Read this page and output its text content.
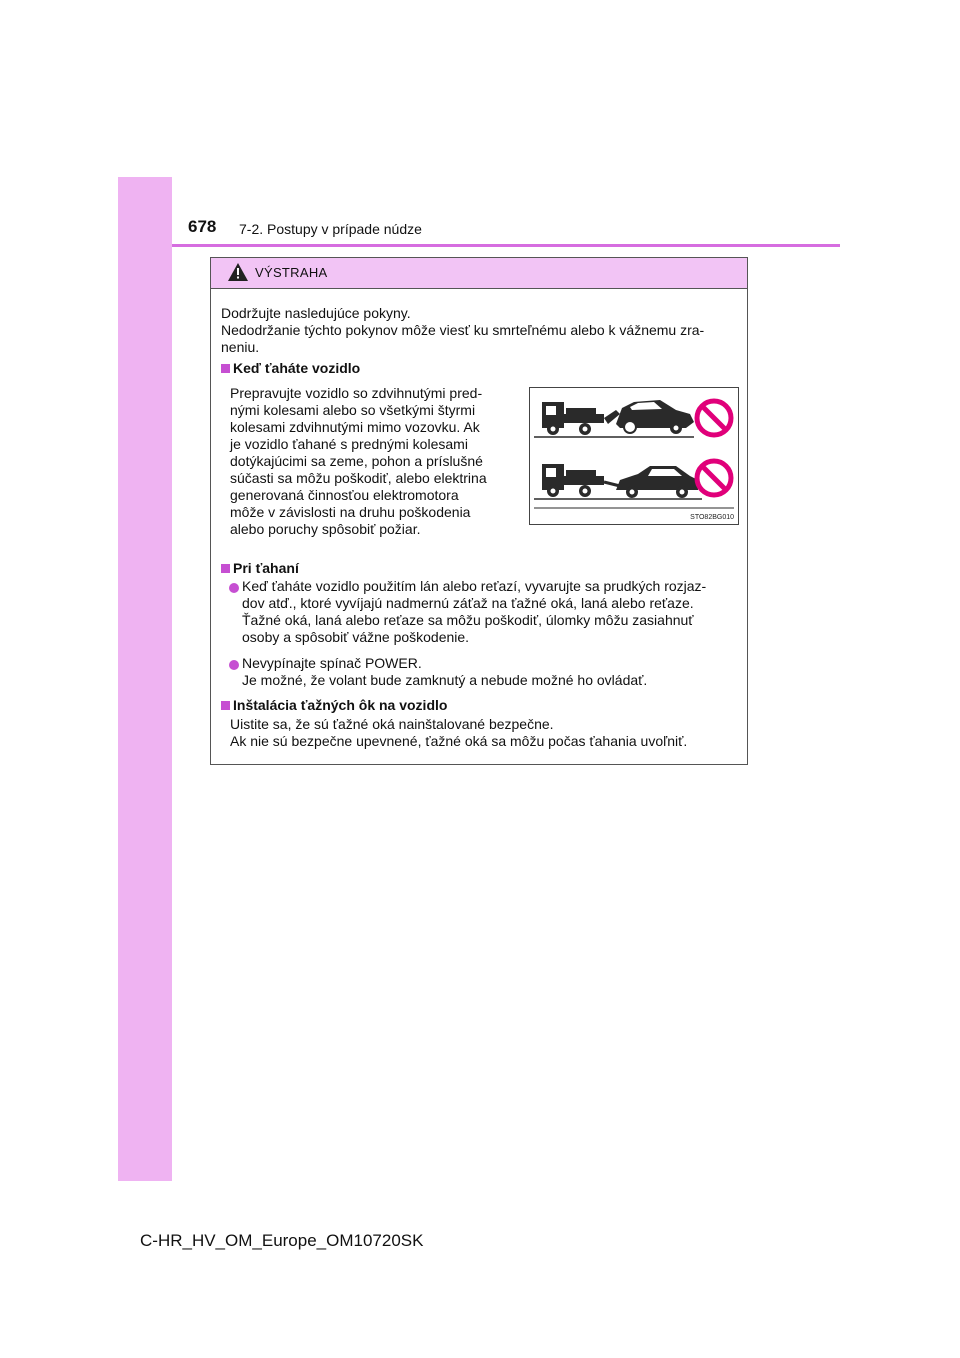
678 7-2. Postupy v prípade núdze
VÝSTRAHA
Dodržujte nasledujúce pokyny.
Nedodržanie týchto pokynov môže viesť ku smrteľnému alebo k vážnemu zra-
neniu.
Keď ťaháte vozidlo
Prepravujte vozidlo so zdvihnutými pred-
nými kolesami alebo so všetkými štyrmi
kolesami zdvihnutými mimo vozovku. Ak
je vozidlo ťahané s prednými kolesami
dotýkajúcimi sa zeme, pohon a príslušné
súčasti sa môžu poškodiť, alebo elektrina
generovaná činnosťou elektromotora
môže v závislosti na druhu poškodenia
alebo poruchy spôsobiť požiar.
STO82BG010
Pri ťahaní
Keď ťaháte vozidlo použitím lán alebo reťazí, vyvarujte sa prudkých rozjaz-
dov atď., ktoré vyvíjajú nadmernú záťaž na ťažné oká, laná alebo reťaze.
Ťažné oká, laná alebo reťaze sa môžu poškodiť, úlomky môžu zasiahnuť
osoby a spôsobiť vážne poškodenie.
Nevypínajte spínač POWER.
Je možné, že volant bude zamknutý a nebude možné ho ovládať.
Inštalácia ťažných ôk na vozidlo
Uistite sa, že sú ťažné oká nainštalované bezpečne.
Ak nie sú bezpečne upevnené, ťažné oká sa môžu počas ťahania uvoľniť.
C-HR_HV_OM_Europe_OM10720SK
